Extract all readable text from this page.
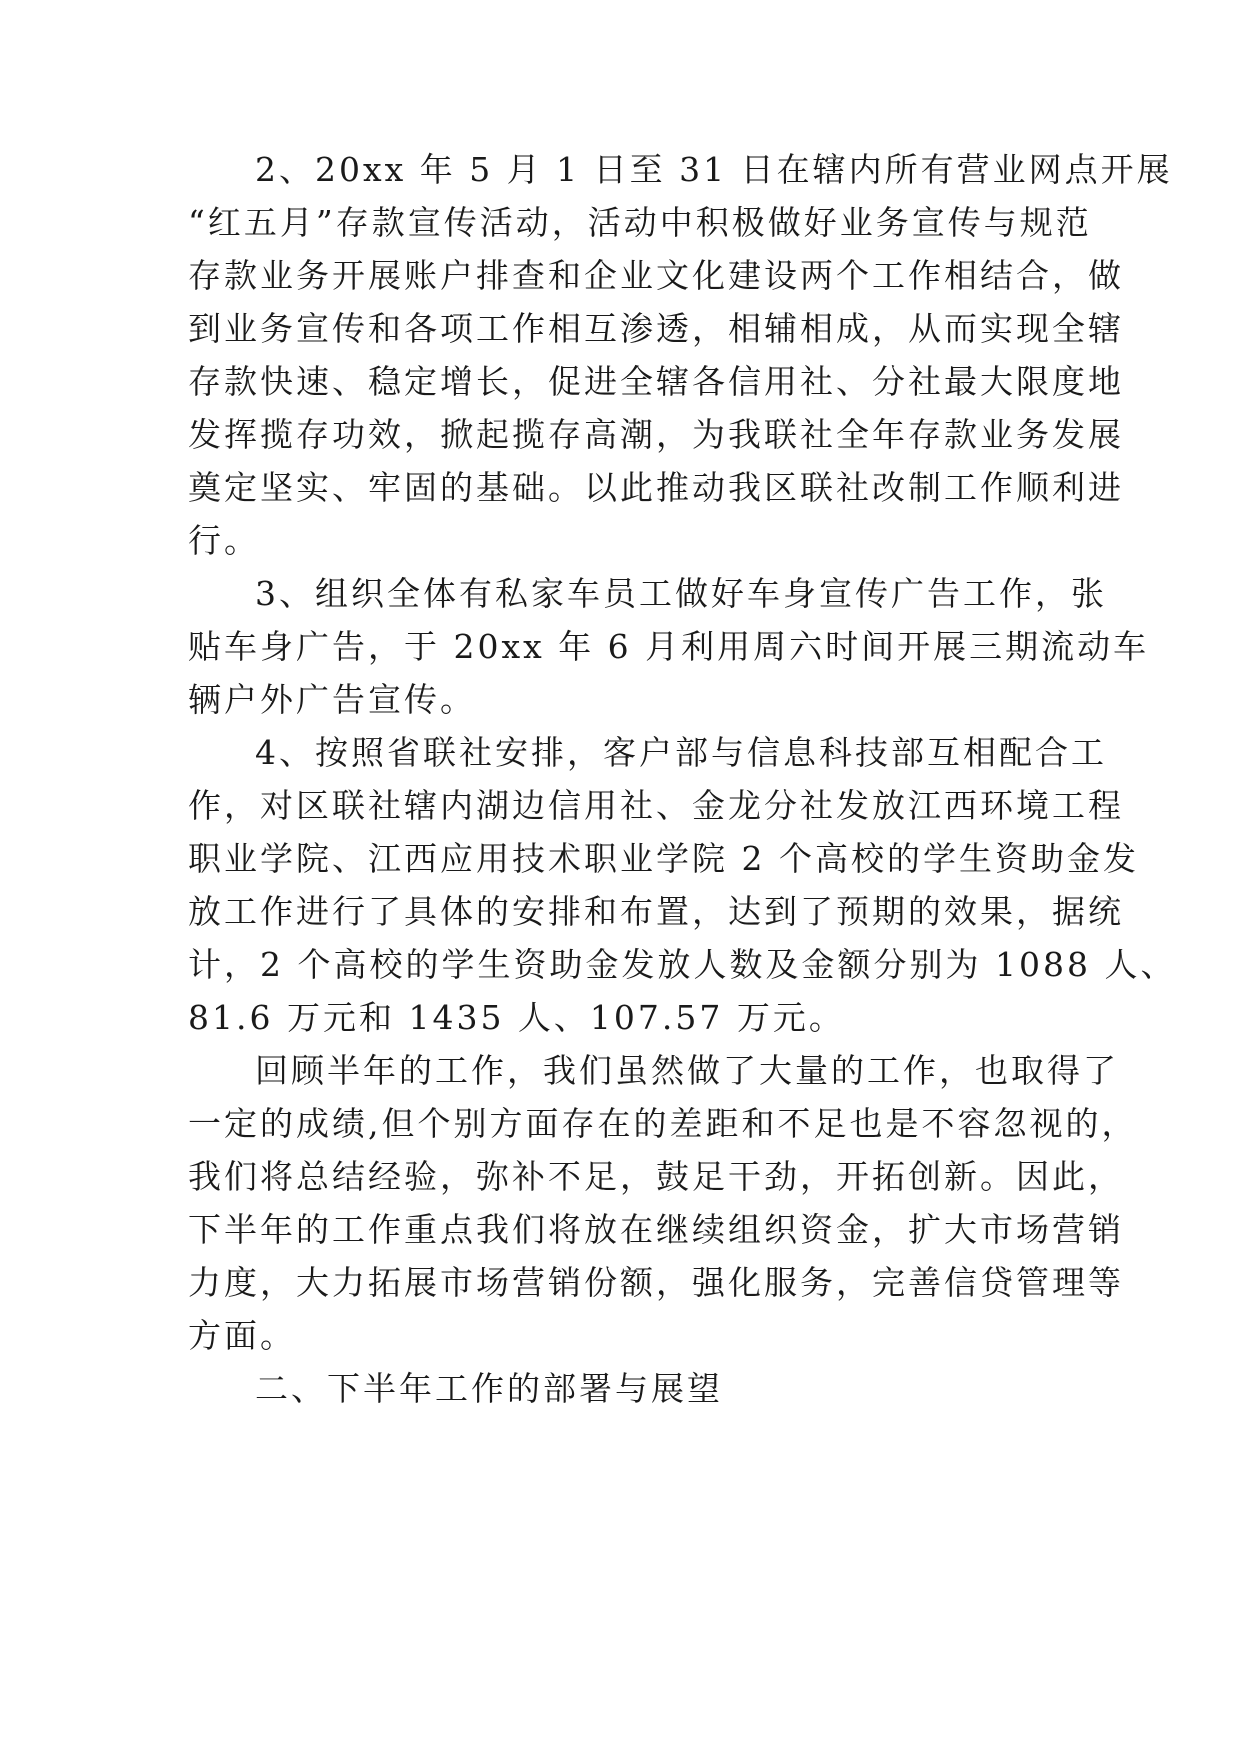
2、20xx 年 5 月 1 日至 31 日在辖内所有营业网点开展
“红五月”存款宣传活动，活动中积极做好业务宣传与规范
存款业务开展账户排查和企业文化建设两个工作相结合，做
到业务宣传和各项工作相互渗透，相辅相成，从而实现全辖
存款快速、稳定增长，促进全辖各信用社、分社最大限度地
发挥揽存功效，掀起揽存高潮，为我联社全年存款业务发展
奠定坚实、牢固的基础。以此推动我区联社改制工作顺利进
行。
3、组织全体有私家车员工做好车身宣传广告工作，张
贴车身广告，于 20xx 年 6 月利用周六时间开展三期流动车
辆户外广告宣传。
4、按照省联社安排，客户部与信息科技部互相配合工
作，对区联社辖内湖边信用社、金龙分社发放江西环境工程
职业学院、江西应用技术职业学院 2 个高校的学生资助金发
放工作进行了具体的安排和布置，达到了预期的效果，据统
计，2 个高校的学生资助金发放人数及金额分别为 1088 人、
81.6 万元和 1435 人、107.57 万元。
回顾半年的工作，我们虽然做了大量的工作，也取得了
一定的成绩,但个别方面存在的差距和不足也是不容忽视的，
我们将总结经验，弥补不足，鼓足干劲，开拓创新。因此，
下半年的工作重点我们将放在继续组织资金，扩大市场营销
力度，大力拓展市场营销份额，强化服务，完善信贷管理等
方面。
二、下半年工作的部署与展望
